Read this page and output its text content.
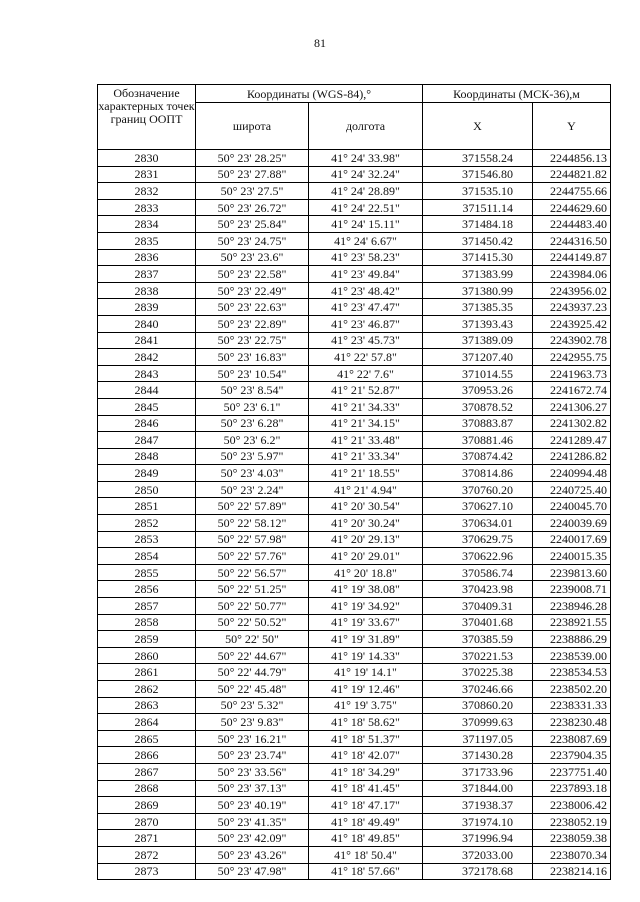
81
Обозначение характерных точек границ ООПТ	Координаты (WGS-84),°		Координаты (МСК-36),м	
	широта	долгота	X	Y
2830	50° 23' 28.25"	41° 24' 33.98"	371558.24	2244856.13
2831	50° 23' 27.88"	41° 24' 32.24"	371546.80	2244821.82
2832	50° 23' 27.5"	41° 24' 28.89"	371535.10	2244755.66
2833	50° 23' 26.72"	41° 24' 22.51"	371511.14	2244629.60
2834	50° 23' 25.84"	41° 24' 15.11"	371484.18	2244483.40
2835	50° 23' 24.75"	41° 24' 6.67"	371450.42	2244316.50
2836	50° 23' 23.6"	41° 23' 58.23"	371415.30	2244149.87
2837	50° 23' 22.58"	41° 23' 49.84"	371383.99	2243984.06
2838	50° 23' 22.49"	41° 23' 48.42"	371380.99	2243956.02
2839	50° 23' 22.63"	41° 23' 47.47"	371385.35	2243937.23
2840	50° 23' 22.89"	41° 23' 46.87"	371393.43	2243925.42
2841	50° 23' 22.75"	41° 23' 45.73"	371389.09	2243902.78
2842	50° 23' 16.83"	41° 22' 57.8"	371207.40	2242955.75
2843	50° 23' 10.54"	41° 22' 7.6"	371014.55	2241963.73
2844	50° 23' 8.54"	41° 21' 52.87"	370953.26	2241672.74
2845	50° 23' 6.1"	41° 21' 34.33"	370878.52	2241306.27
2846	50° 23' 6.28"	41° 21' 34.15"	370883.87	2241302.82
2847	50° 23' 6.2"	41° 21' 33.48"	370881.46	2241289.47
2848	50° 23' 5.97"	41° 21' 33.34"	370874.42	2241286.82
2849	50° 23' 4.03"	41° 21' 18.55"	370814.86	2240994.48
2850	50° 23' 2.24"	41° 21' 4.94"	370760.20	2240725.40
2851	50° 22' 57.89"	41° 20' 30.54"	370627.10	2240045.70
2852	50° 22' 58.12"	41° 20' 30.24"	370634.01	2240039.69
2853	50° 22' 57.98"	41° 20' 29.13"	370629.75	2240017.69
2854	50° 22' 57.76"	41° 20' 29.01"	370622.96	2240015.35
2855	50° 22' 56.57"	41° 20' 18.8"	370586.74	2239813.60
2856	50° 22' 51.25"	41° 19' 38.08"	370423.98	2239008.71
2857	50° 22' 50.77"	41° 19' 34.92"	370409.31	2238946.28
2858	50° 22' 50.52"	41° 19' 33.67"	370401.68	2238921.55
2859	50° 22' 50"	41° 19' 31.89"	370385.59	2238886.29
2860	50° 22' 44.67"	41° 19' 14.33"	370221.53	2238539.00
2861	50° 22' 44.79"	41° 19' 14.1"	370225.38	2238534.53
2862	50° 22' 45.48"	41° 19' 12.46"	370246.66	2238502.20
2863	50° 23' 5.32"	41° 19' 3.75"	370860.20	2238331.33
2864	50° 23' 9.83"	41° 18' 58.62"	370999.63	2238230.48
2865	50° 23' 16.21"	41° 18' 51.37"	371197.05	2238087.69
2866	50° 23' 23.74"	41° 18' 42.07"	371430.28	2237904.35
2867	50° 23' 33.56"	41° 18' 34.29"	371733.96	2237751.40
2868	50° 23' 37.13"	41° 18' 41.45"	371844.00	2237893.18
2869	50° 23' 40.19"	41° 18' 47.17"	371938.37	2238006.42
2870	50° 23' 41.35"	41° 18' 49.49"	371974.10	2238052.19
2871	50° 23' 42.09"	41° 18' 49.85"	371996.94	2238059.38
2872	50° 23' 43.26"	41° 18' 50.4"	372033.00	2238070.34
2873	50° 23' 47.98"	41° 18' 57.66"	372178.68	2238214.16
